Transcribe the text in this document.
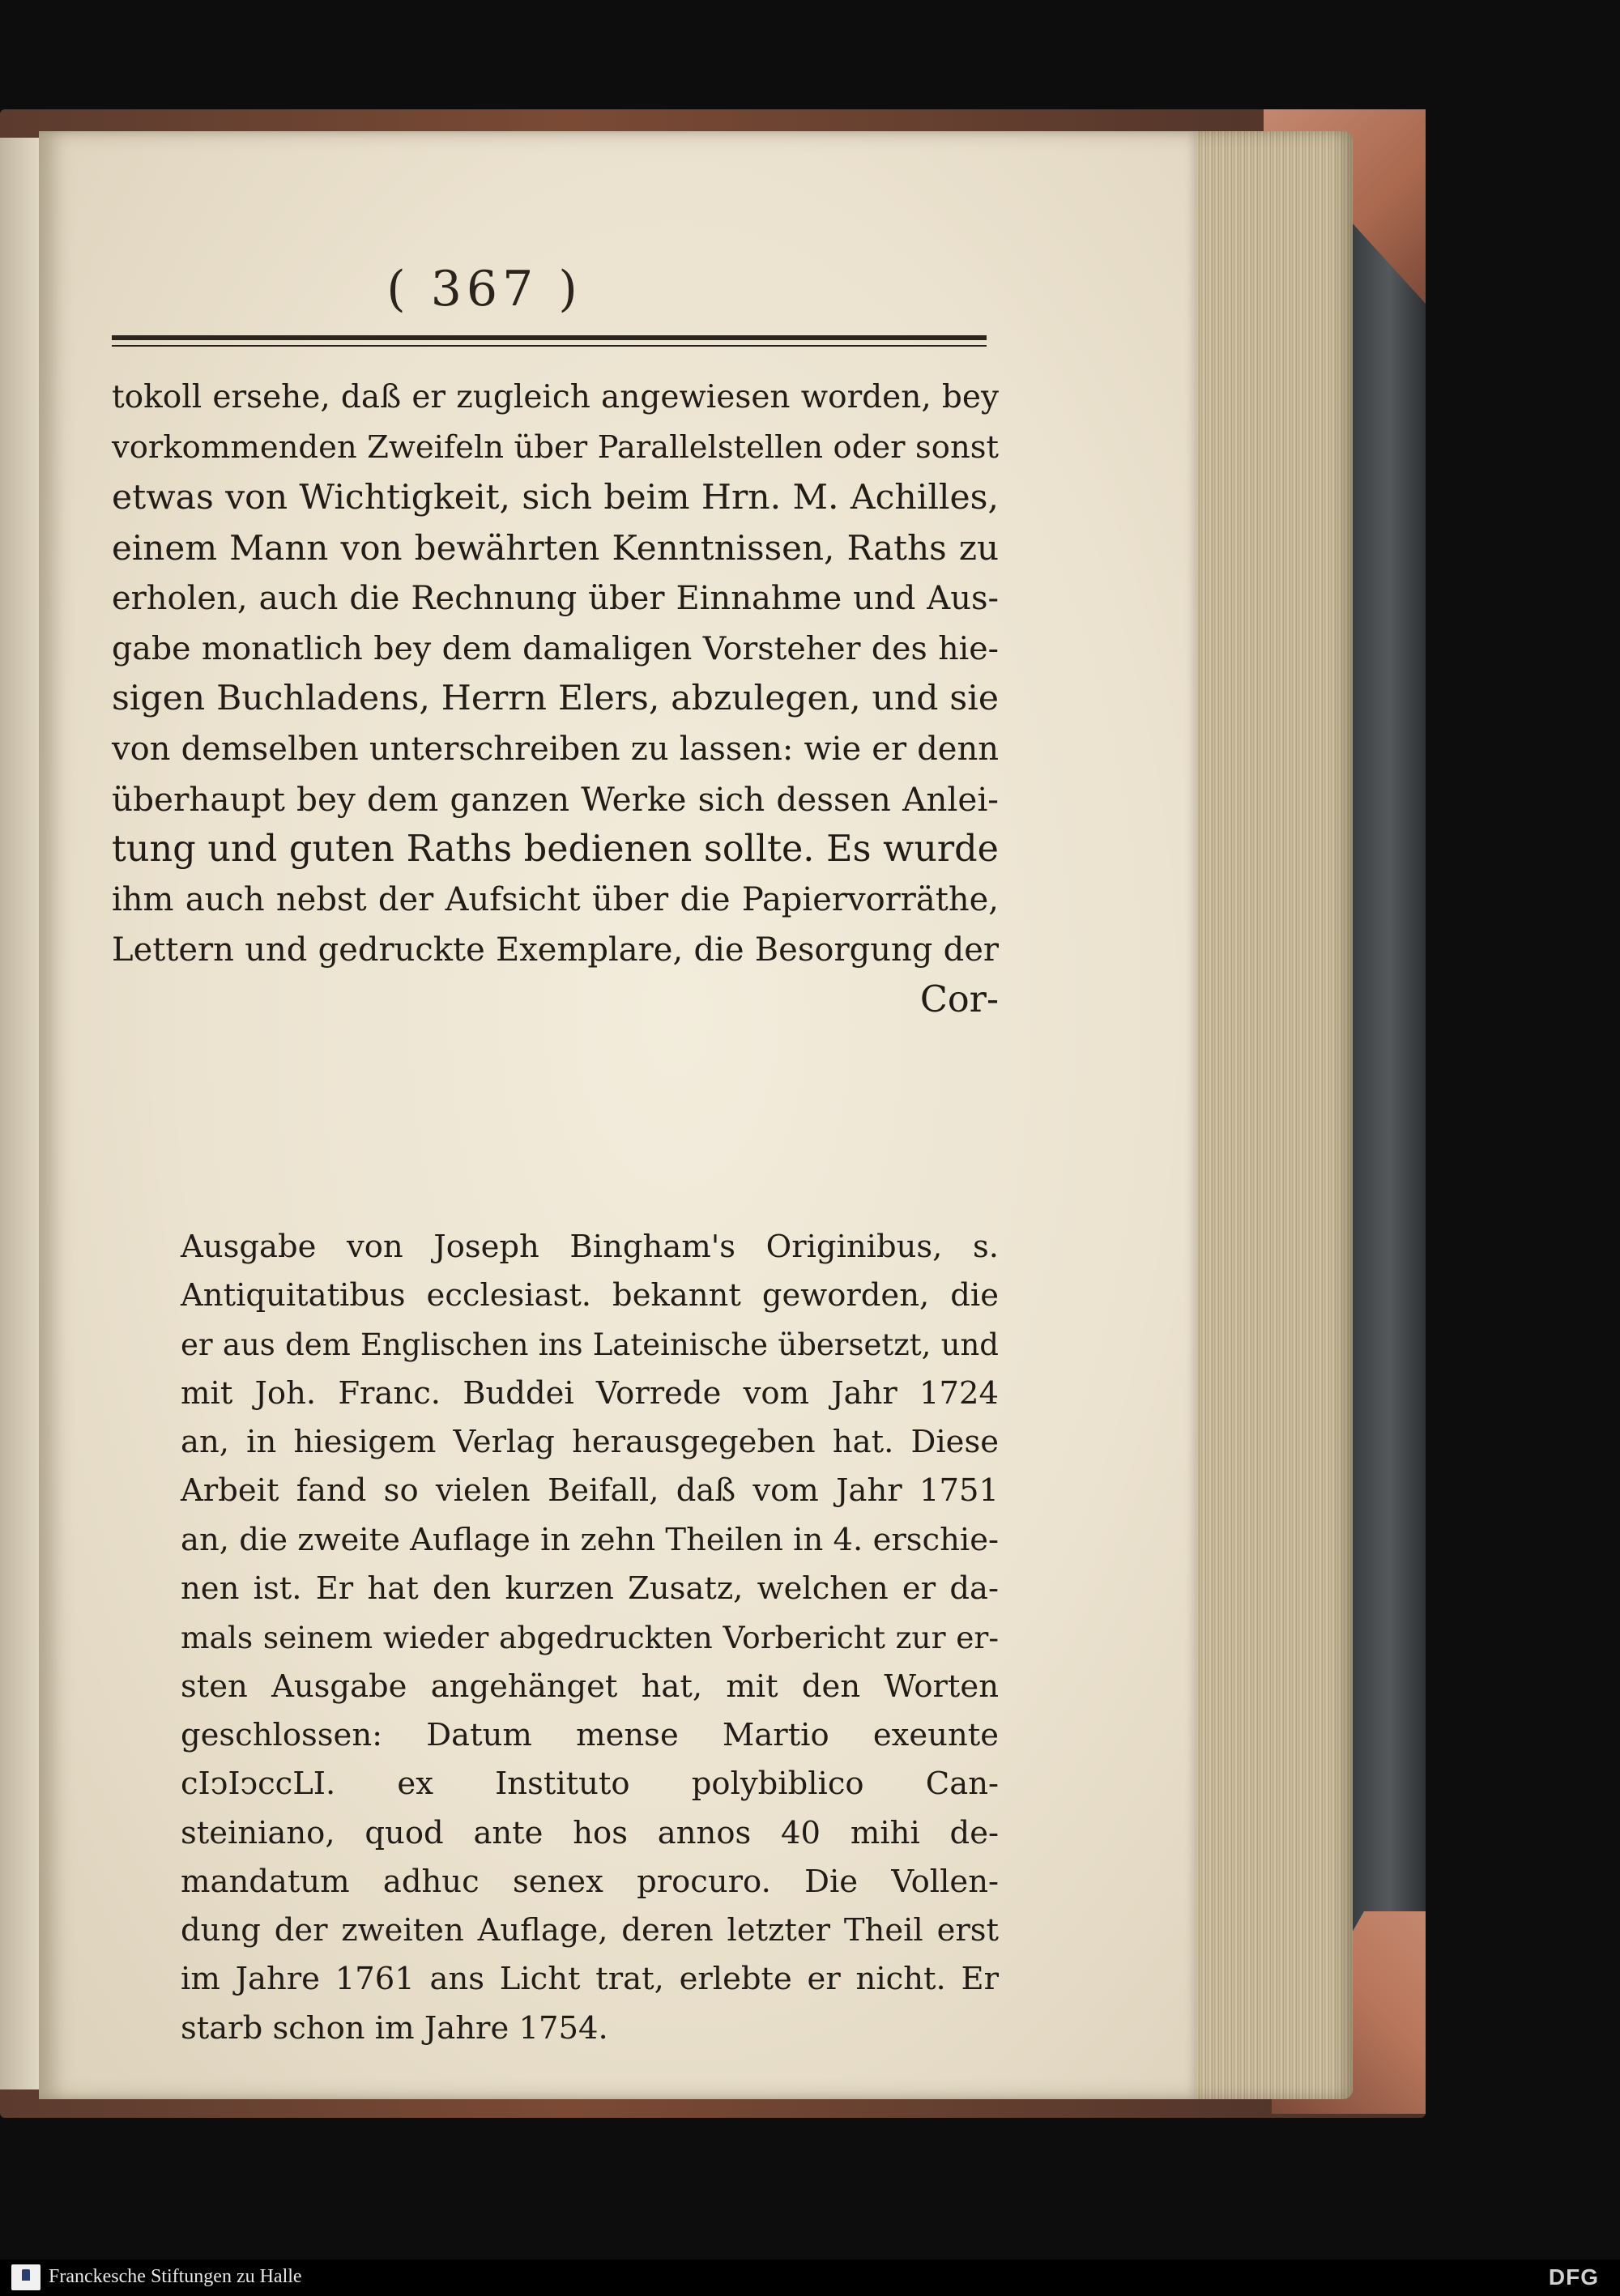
( 367 )
tokoll ersehe, daß er zugleich angewiesen worden, bey
vorkommenden Zweifeln über Parallelstellen oder sonst
etwas von Wichtigkeit, sich beim Hrn. M. Achilles,
einem Mann von bewährten Kenntnissen, Raths zu
erholen, auch die Rechnung über Einnahme und Aus-
gabe monatlich bey dem damaligen Vorsteher des hie-
sigen Buchladens, Herrn Elers, abzulegen, und sie
von demselben unterschreiben zu lassen: wie er denn
überhaupt bey dem ganzen Werke sich dessen Anlei-
tung und guten Raths bedienen sollte. Es wurde
ihm auch nebst der Aufsicht über die Papiervorräthe,
Lettern und gedruckte Exemplare, die Besorgung der
Cor-
Ausgabe von Joseph Bingham's Originibus, s.
Antiquitatibus ecclesiast. bekannt geworden, die
er aus dem Englischen ins Lateinische übersetzt, und
mit Joh. Franc. Buddei Vorrede vom Jahr 1724
an, in hiesigem Verlag herausgegeben hat. Diese
Arbeit fand so vielen Beifall, daß vom Jahr 1751
an, die zweite Auflage in zehn Theilen in 4. erschie-
nen ist. Er hat den kurzen Zusatz, welchen er da-
mals seinem wieder abgedruckten Vorbericht zur er-
sten Ausgabe angehänget hat, mit den Worten
geschlossen: Datum mense Martio exeunte
cIↄIↄccLI. ex Instituto polybiblico Can-
steiniano, quod ante hos annos 40 mihi de-
mandatum adhuc senex procuro. Die Vollen-
dung der zweiten Auflage, deren letzter Theil erst
im Jahre 1761 ans Licht trat, erlebte er nicht. Er
starb schon im Jahre 1754.
Franckesche Stiftungen zu Halle	DFG
